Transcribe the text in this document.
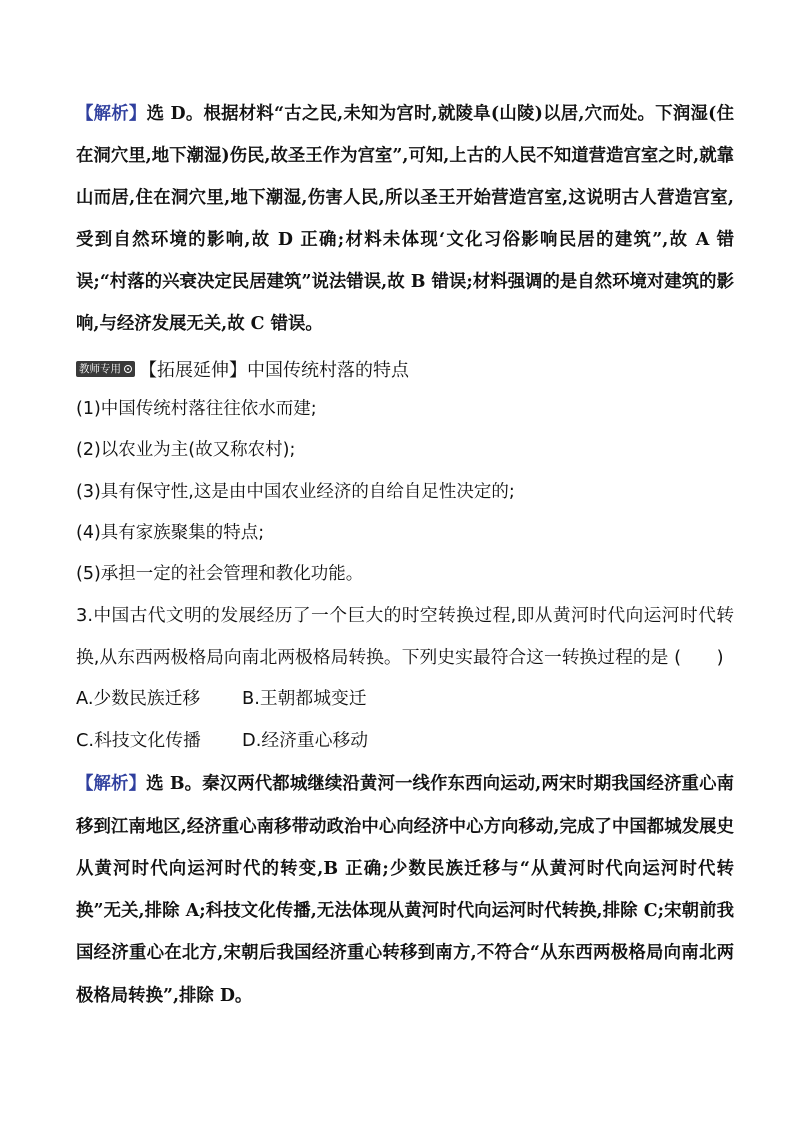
【解析】选 D。根据材料“古之民,未知为宫时,就陵阜(山陵)以居,穴而处。下润湿(住在洞穴里,地下潮湿)伤民,故圣王作为宫室”,可知,上古的人民不知道营造宫室之时,就靠山而居,住在洞穴里,地下潮湿,伤害人民,所以圣王开始营造宫室,这说明古人营造宫室,受到自然环境的影响,故 D 正确;材料未体现‘文化习俗影响民居的建筑”,故 A 错误;“村落的兴衰决定民居建筑”说法错误,故 B 错误;材料强调的是自然环境对建筑的影响,与经济发展无关,故 C 错误。

教师专用 【拓展延伸】中国传统村落的特点
(1)中国传统村落往往依水而建;
(2)以农业为主(故又称农村);
(3)具有保守性,这是由中国农业经济的自给自足性决定的;
(4)具有家族聚集的特点;
(5)承担一定的社会管理和教化功能。

3.中国古代文明的发展经历了一个巨大的时空转换过程,即从黄河时代向运河时代转换,从东西两极格局向南北两极格局转换。下列史实最符合这一转换过程的是 (　　)

A.少数民族迁移	B.王朝都城变迁
C.科技文化传播	D.经济重心移动

【解析】选 B。秦汉两代都城继续沿黄河一线作东西向运动,两宋时期我国经济重心南移到江南地区,经济重心南移带动政治中心向经济中心方向移动,完成了中国都城发展史从黄河时代向运河时代的转变,B 正确;少数民族迁移与“从黄河时代向运河时代转换”无关,排除 A;科技文化传播,无法体现从黄河时代向运河时代转换,排除 C;宋朝前我国经济重心在北方,宋朝后我国经济重心转移到南方,不符合“从东西两极格局向南北两极格局转换”,排除 D。
